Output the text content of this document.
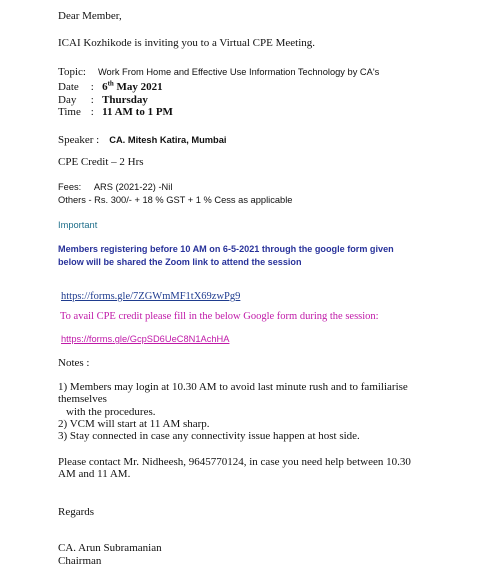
Dear Member,
ICAI Kozhikode is inviting you to a Virtual CPE Meeting.
Topic: Work From Home and Effective Use Information Technology by CA's
Date :   6th May 2021
Day :   Thursday
Time :   11 AM to 1 PM
Speaker : CA. Mitesh Katira, Mumbai
CPE Credit – 2 Hrs
Fees: ARS (2021-22) -Nil
Others - Rs. 300/- + 18 % GST + 1 % Cess as applicable
Important
Members registering before 10 AM on 6-5-2021 through the google form given
below will be shared the Zoom link to attend the session
https://forms.gle/7ZGWmMF1tX69zwPg9
To avail CPE credit please fill in the below Google form during the session:
https://forms.gle/GcpSD6UeC8N1AchHA
Notes :
1) Members may login at 10.30 AM to avoid last minute rush and to familiarise
themselves
with the procedures.
2) VCM will start at 11 AM sharp.
3) Stay connected in case any connectivity issue happen at host side.
Please contact Mr. Nidheesh, 9645770124, in case you need help between 10.30
AM and 11 AM.
Regards
CA. Arun Subramanian
Chairman
